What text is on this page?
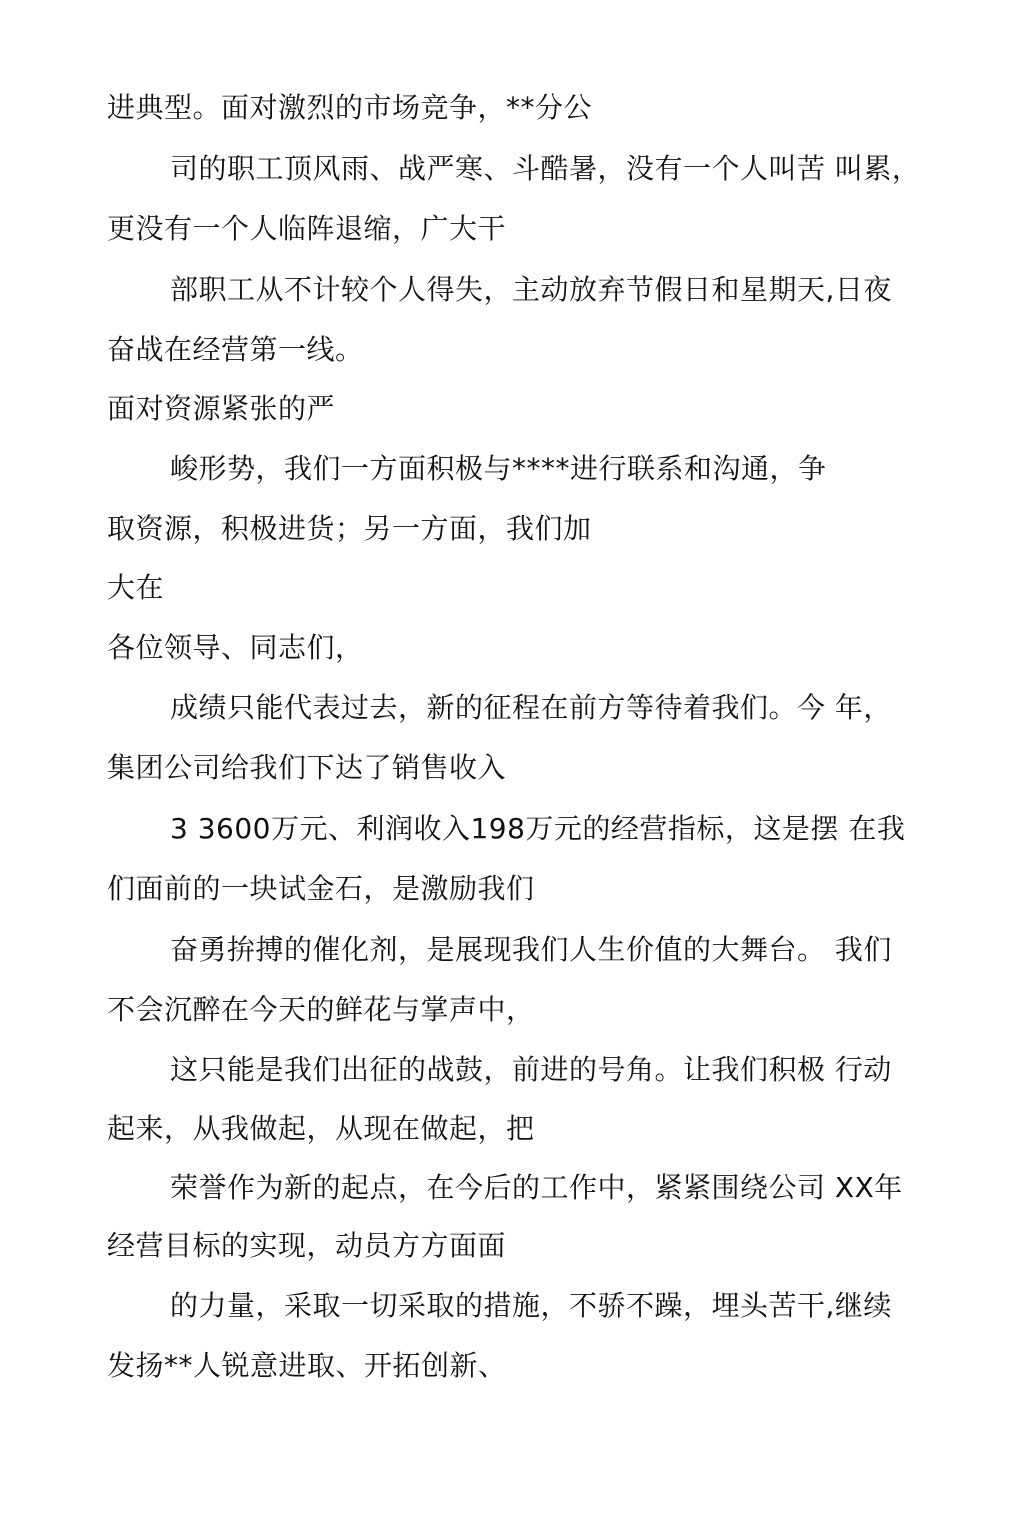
进典型。面对激烈的市场竞争，**分公
司的职工顶风雨、战严寒、斗酷暑，没有一个人叫苦 叫累，
更没有一个人临阵退缩，广大干
部职工从不计较个人得失，主动放弃节假日和星期天,日夜
奋战在经营第一线。
面对资源紧张的严
峻形势，我们一方面积极与****进行联系和沟通，争
取资源，积极进货；另一方面，我们加
大在
各位领导、同志们，
成绩只能代表过去，新的征程在前方等待着我们。今 年，
集团公司给我们下达了销售收入
3 3600万元、利润收入198万元的经营指标，这是摆 在我
们面前的一块试金石，是激励我们
奋勇拚搏的催化剂，是展现我们人生价值的大舞台。 我们
不会沉醉在今天的鲜花与掌声中，
这只能是我们出征的战鼓，前进的号角。让我们积极 行动
起来，从我做起，从现在做起，把
荣誉作为新的起点，在今后的工作中，紧紧围绕公司 XX年
经营目标的实现，动员方方面面
的力量，采取一切采取的措施，不骄不躁，埋头苦干,继续
发扬**人锐意进取、开拓创新、
